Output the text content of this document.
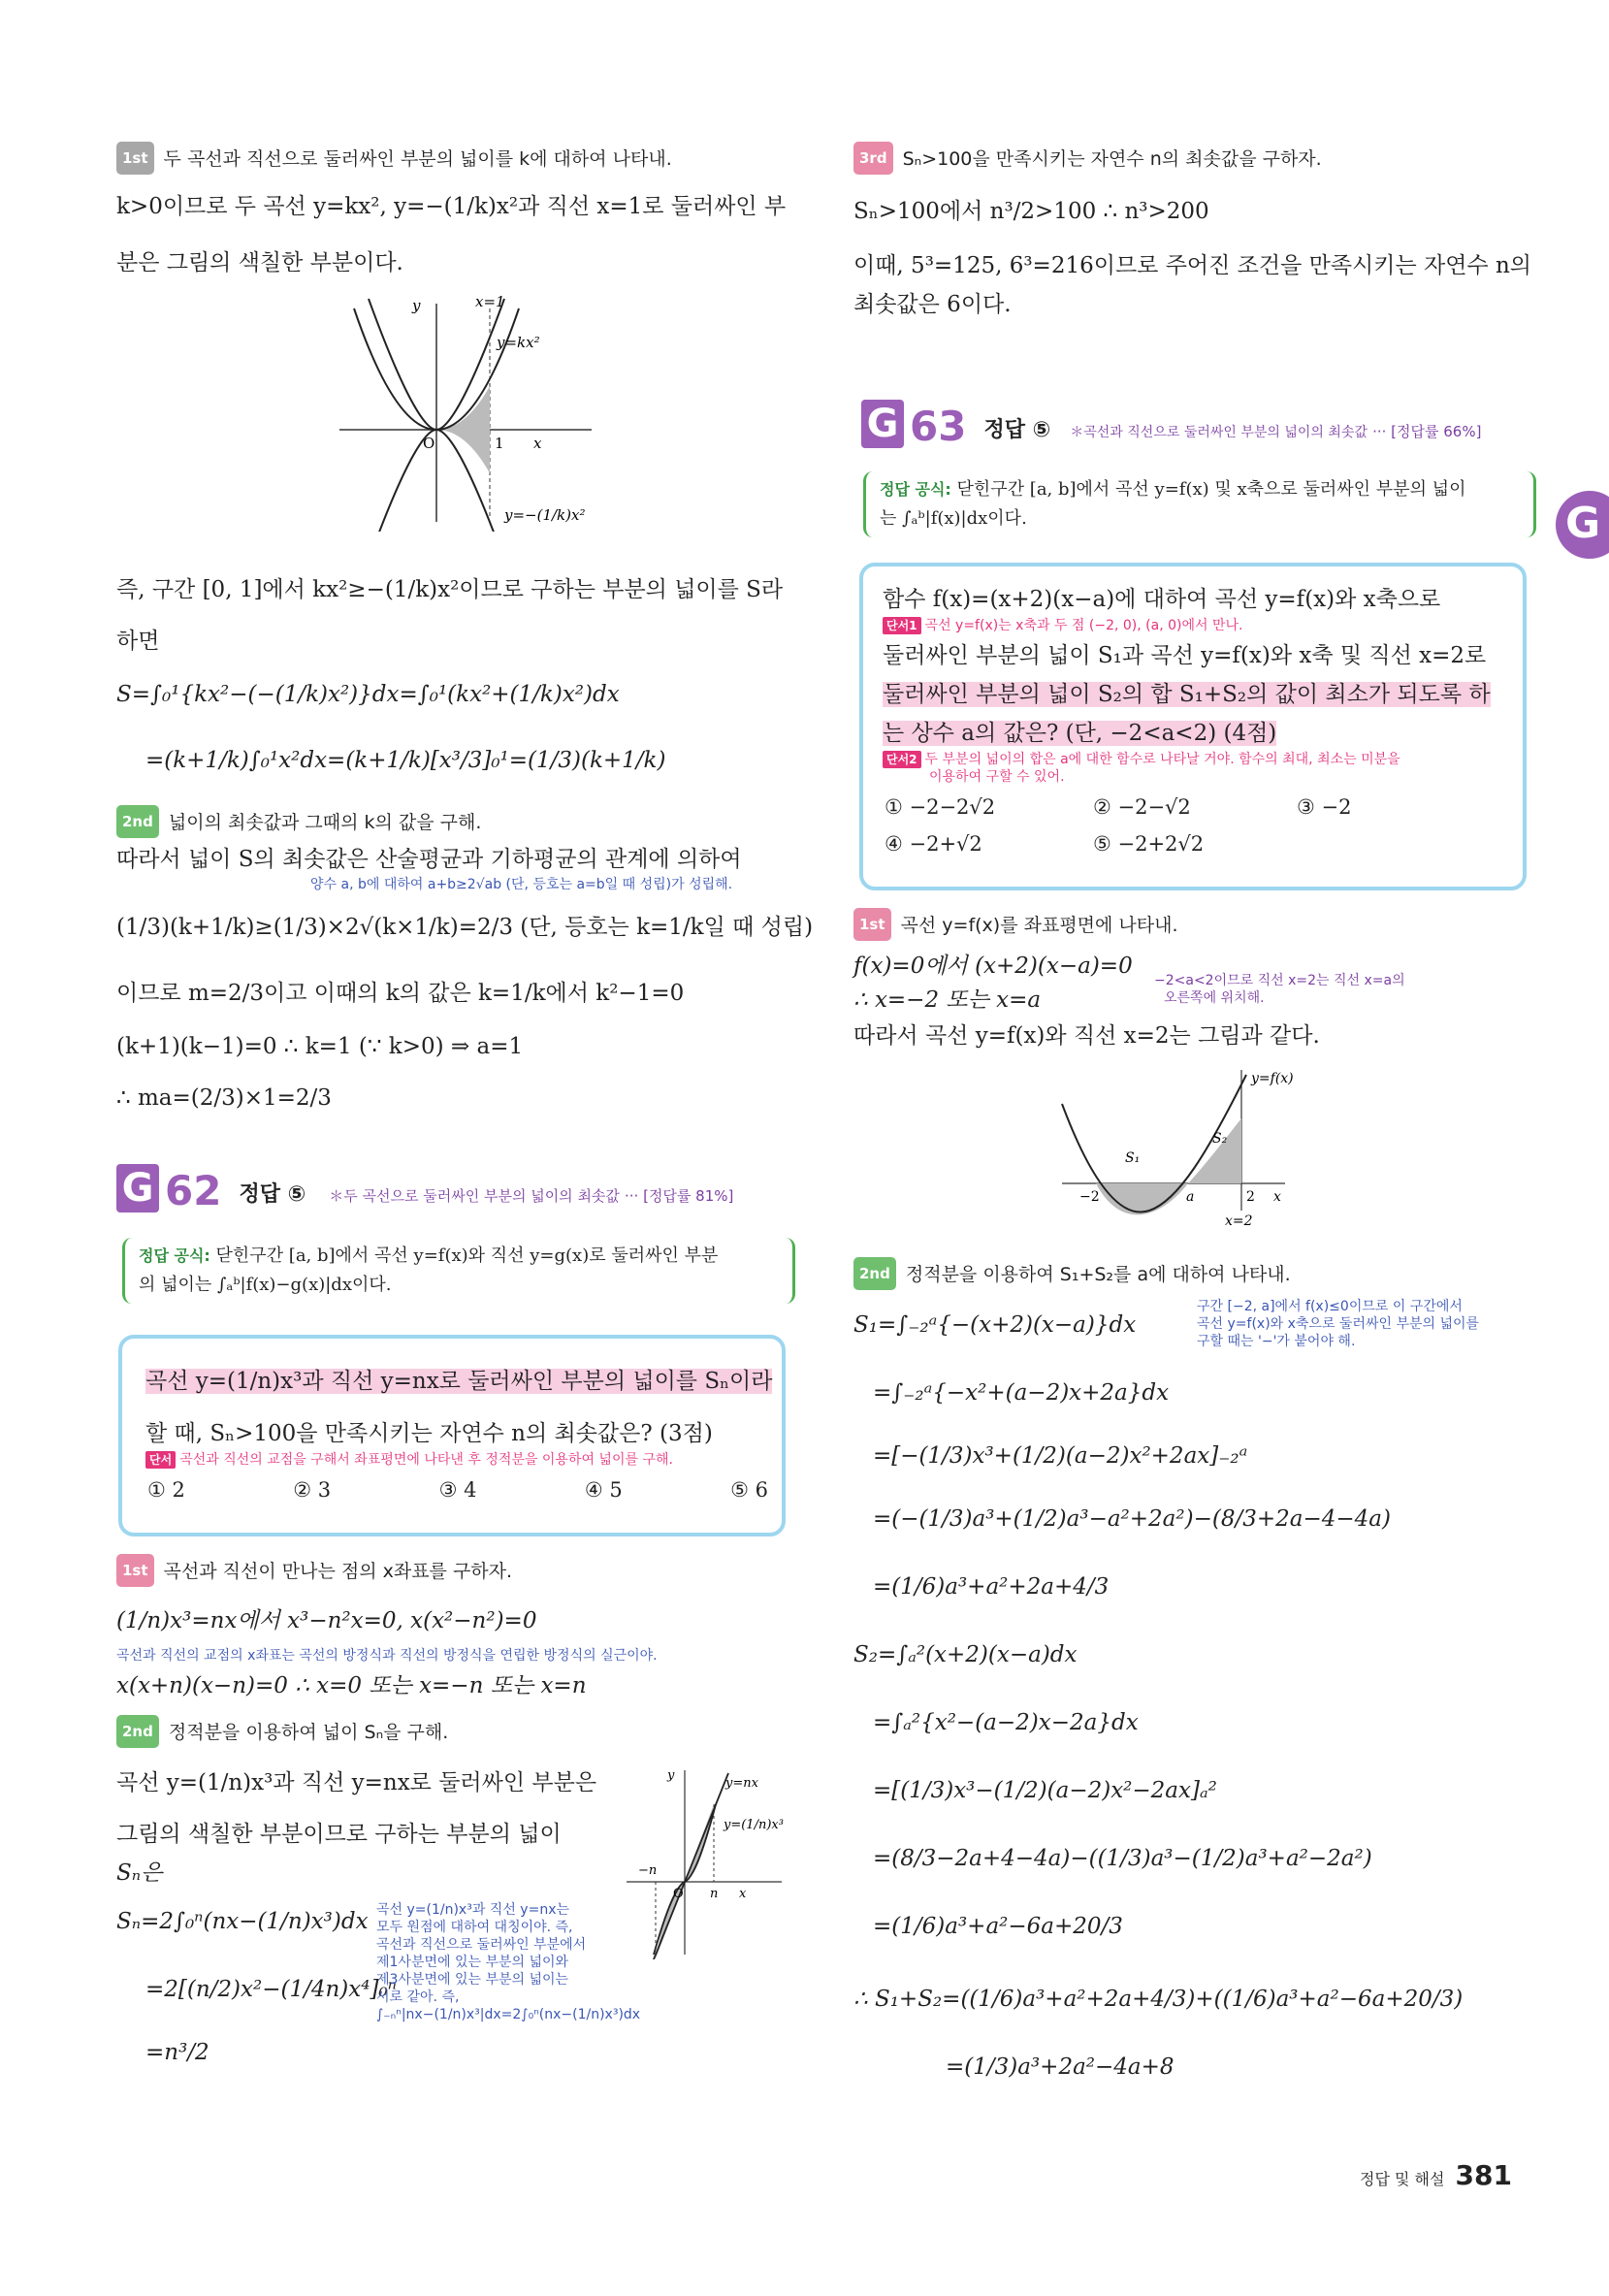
1st 두 곡선과 직선으로 둘러싸인 부분의 넓이를 k에 대하여 나타내.
k>0이므로 두 곡선 y=kx², y=−(1/k)x²과 직선 x=1로 둘러싸인 부
분은 그림의 색칠한 부분이다.
y	x=1
y=kx²
O	1 x
y=−(1/k)x²
즉, 구간 [0, 1]에서 kx²≥−(1/k)x²이므로 구하는 부분의 넓이를 S라
하면
S=∫₀¹{kx²−(−(1/k)x²)}dx=∫₀¹(kx²+(1/k)x²)dx
=(k+1/k)∫₀¹x²dx=(k+1/k)[x³/3]₀¹=(1/3)(k+1/k)
2nd 넓이의 최솟값과 그때의 k의 값을 구해.
따라서 넓이 S의 최솟값은 산술평균과 기하평균의 관계에 의하여
양수 a, b에 대하여 a+b≥2√ab (단, 등호는 a=b일 때 성립)가 성립해.
(1/3)(k+1/k)≥(1/3)×2√(k×1/k)=2/3 (단, 등호는 k=1/k일 때 성립)
이므로 m=2/3이고 이때의 k의 값은 k=1/k에서 k²−1=0
(k+1)(k−1)=0 ∴ k=1 (∵ k>0) ⇒ a=1
∴ ma=(2/3)×1=2/3
G 62 정답 ⑤ ＊두 곡선으로 둘러싸인 부분의 넓이의 최솟값 ··· [정답률 81%]
정답 공식: 닫힌구간 [a, b]에서 곡선 y=f(x)와 직선 y=g(x)로 둘러싸인 부분
의 넓이는 ∫ₐᵇ|f(x)−g(x)|dx이다.
곡선 y=(1/n)x³과 직선 y=nx로 둘러싸인 부분의 넓이를 Sₙ이라
할 때, Sₙ>100을 만족시키는 자연수 n의 최솟값은? (3점)
단서 곡선과 직선의 교점을 구해서 좌표평면에 나타낸 후 정적분을 이용하여 넓이를 구해.
① 2	② 3	③ 4	④ 5	⑤ 6
1st 곡선과 직선이 만나는 점의 x좌표를 구하자.
(1/n)x³=nx에서 x³−n²x=0, x(x²−n²)=0
곡선과 직선의 교점의 x좌표는 곡선의 방정식과 직선의 방정식을 연립한 방정식의 실근이야.
x(x+n)(x−n)=0 ∴ x=0 또는 x=−n 또는 x=n
2nd 정적분을 이용하여 넓이 Sₙ을 구해.
곡선 y=(1/n)x³과 직선 y=nx로 둘러싸인 부분은
그림의 색칠한 부분이므로 구하는 부분의 넓이
Sₙ은
Sₙ=2∫₀ⁿ(nx−(1/n)x³)dx
=2[(n/2)x²−(1/4n)x⁴]₀ⁿ
=n³/2
곡선 y=(1/n)x³과 직선 y=nx는
모두 원점에 대하여 대칭이야. 즉,
곡선과 직선으로 둘러싸인 부분에서
제1사분면에 있는 부분의 넓이와
제3사분면에 있는 부분의 넓이는
서로 같아. 즉,
∫₋ₙⁿ|nx−(1/n)x³|dx=2∫₀ⁿ(nx−(1/n)x³)dx
y
y=nx
y=(1/n)x³
−n
O n x
3rd Sₙ>100을 만족시키는 자연수 n의 최솟값을 구하자.
Sₙ>100에서 n³/2>100 ∴ n³>200
이때, 5³=125, 6³=216이므로 주어진 조건을 만족시키는 자연수 n의
최솟값은 6이다.
G 63 정답 ⑤ ＊곡선과 직선으로 둘러싸인 부분의 넓이의 최솟값 ··· [정답률 66%]
정답 공식: 닫힌구간 [a, b]에서 곡선 y=f(x) 및 x축으로 둘러싸인 부분의 넓이
는 ∫ₐᵇ|f(x)|dx이다.
함수 f(x)=(x+2)(x−a)에 대하여 곡선 y=f(x)와 x축으로
단서1 곡선 y=f(x)는 x축과 두 점 (−2, 0), (a, 0)에서 만나.
둘러싸인 부분의 넓이 S₁과 곡선 y=f(x)와 x축 및 직선 x=2로
둘러싸인 부분의 넓이 S₂의 합 S₁+S₂의 값이 최소가 되도록 하
는 상수 a의 값은? (단, −2<a<2) (4점)
단서2 두 부분의 넓이의 합은 a에 대한 함수로 나타날 거야. 함수의 최대, 최소는 미분을
이용하여 구할 수 있어.
① −2−2√2	② −2−√2	③ −2
④ −2+√2	⑤ −2+2√2
1st 곡선 y=f(x)를 좌표평면에 나타내.
f(x)=0에서 (x+2)(x−a)=0
∴ x=−2 또는 x=a
−2<a<2이므로 직선 x=2는 직선 x=a의
오른쪽에 위치해.
따라서 곡선 y=f(x)와 직선 x=2는 그림과 같다.
y=f(x)
S₁
S₂
−2	a	2 x
x=2
2nd 정적분을 이용하여 S₁+S₂를 a에 대하여 나타내.
S₁=∫₋₂ᵃ{−(x+2)(x−a)}dx
구간 [−2, a]에서 f(x)≤0이므로 이 구간에서
곡선 y=f(x)와 x축으로 둘러싸인 부분의 넓이를
구할 때는 '−'가 붙어야 해.
=∫₋₂ᵃ{−x²+(a−2)x+2a}dx
=[−(1/3)x³+(1/2)(a−2)x²+2ax]₋₂ᵃ
=(−(1/3)a³+(1/2)a³−a²+2a²)−(8/3+2a−4−4a)
=(1/6)a³+a²+2a+4/3
S₂=∫ₐ²(x+2)(x−a)dx
=∫ₐ²{x²−(a−2)x−2a}dx
=[(1/3)x³−(1/2)(a−2)x²−2ax]ₐ²
=(8/3−2a+4−4a)−((1/3)a³−(1/2)a³+a²−2a²)
=(1/6)a³+a²−6a+20/3
∴ S₁+S₂=((1/6)a³+a²+2a+4/3)+((1/6)a³+a²−6a+20/3)
=(1/3)a³+2a²−4a+8
G
정답 및 해설 381
